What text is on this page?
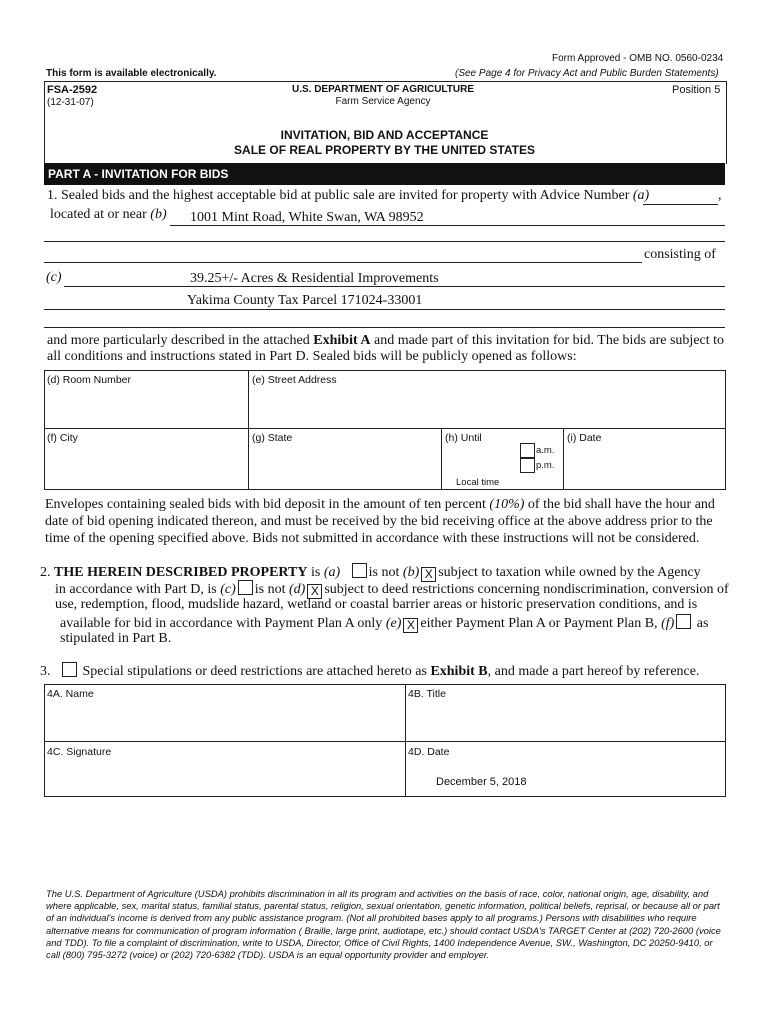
Form Approved - OMB NO. 0560-0234
(See Page 4 for Privacy Act and Public Burden Statements)
This form is available electronically.
FSA-2592
(12-31-07)
U.S. DEPARTMENT OF AGRICULTURE
Farm Service Agency
Position 5
INVITATION, BID AND ACCEPTANCE
SALE OF REAL PROPERTY BY THE UNITED STATES
PART A - INVITATION FOR BIDS
1. Sealed bids and the highest acceptable bid at public sale are invited for property with Advice Number (a)	,
located at or near (b) 1001 Mint Road, White Swan, WA 98952
consisting of
(c)	39.25+/- Acres & Residential Improvements
Yakima County Tax Parcel 171024-33001
and more particularly described in the attached Exhibit A and made part of this invitation for bid. The bids are subject to
all conditions and instructions stated in Part D. Sealed bids will be publicly opened as follows:
(d) Room Number	(e) Street Address
(f) City	(g) State	(h) Until	(i) Date
a.m.
p.m.
Local time
Envelopes containing sealed bids with bid deposit in the amount of ten percent (10%) of the bid shall have the hour and
date of bid opening indicated thereon, and must be received by the bid receiving office at the above address prior to the
time of the opening specified above. Bids not submitted in accordance with these instructions will not be considered.
2. THE HEREIN DESCRIBED PROPERTY is (a) is not (b) X subject to taxation while owned by the Agency
in accordance with Part D, is (c) is not (d) X subject to deed restrictions concerning nondiscrimination, conversion of
use, redemption, flood, mudslide hazard, wetland or coastal barrier areas or historic preservation conditions, and is
available for bid in accordance with Payment Plan A only (e) X either Payment Plan A or Payment Plan B, (f) as
stipulated in Part B.
3. Special stipulations or deed restrictions are attached hereto as Exhibit B, and made a part hereof by reference.
4A. Name	4B. Title
4C. Signature	4D. Date
December 5, 2018
The U.S. Department of Agriculture (USDA) prohibits discrimination in all its program and activities on the basis of race, color, national origin, age, disability, and where applicable, sex, marital status, familial status, parental status, religion, sexual orientation, genetic information, political beliefs, reprisal, or because all or part of an individual's income is derived from any public assistance program. (Not all prohibited bases apply to all programs.) Persons with disabilities who require alternative means for communication of program information ( Braille, large print, audiotape, etc.) should contact USDA's TARGET Center at (202) 720-2600 (voice and TDD). To file a complaint of discrimination, write to USDA, Director, Office of Civil Rights, 1400 Independence Avenue, SW., Washington, DC 20250-9410, or call (800) 795-3272 (voice) or (202) 720-6382 (TDD). USDA is an equal opportunity provider and employer.
